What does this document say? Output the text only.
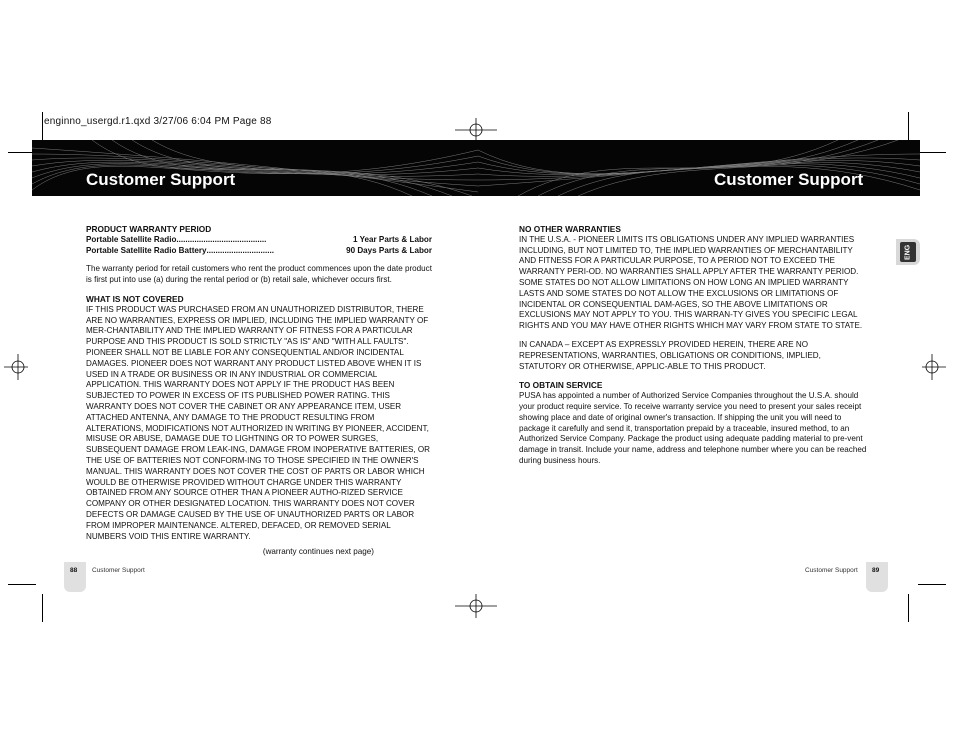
enginno_usergd.r1.qxd 3/27/06 6:04 PM Page 88
Customer Support	Customer Support
ENG

PRODUCT WARRANTY PERIOD

Portable Satellite Radio ........................................	1 Year Parts & Labor
Portable Satellite Radio Battery ..............................	90 Days Parts & Labor

The warranty period for retail customers who rent the product commences upon the date product is first put into use (a) during the rental period or (b) retail sale, whichever occurs first.

WHAT IS NOT COVERED

IF THIS PRODUCT WAS PURCHASED FROM AN UNAUTHORIZED DISTRIBUTOR, THERE ARE NO WARRANTIES, EXPRESS OR IMPLIED, INCLUDING THE IMPLIED WARRANTY OF MER-CHANTABILITY AND THE IMPLIED WARRANTY OF FITNESS FOR A PARTICULAR PURPOSE AND THIS PRODUCT IS SOLD STRICTLY "AS IS" AND "WITH ALL FAULTS". PIONEER SHALL NOT BE LIABLE FOR ANY CONSEQUENTIAL AND/OR INCIDENTAL DAMAGES. PIONEER DOES NOT WARRANT ANY PRODUCT LISTED ABOVE WHEN IT IS USED IN A TRADE OR BUSINESS OR IN ANY INDUSTRIAL OR COMMERCIAL APPLICATION. THIS WARRANTY DOES NOT APPLY IF THE PRODUCT HAS BEEN SUBJECTED TO POWER IN EXCESS OF ITS PUBLISHED POWER RATING. THIS WARRANTY DOES NOT COVER THE CABINET OR ANY APPEARANCE ITEM, USER ATTACHED ANTENNA, ANY DAMAGE TO THE PRODUCT RESULTING FROM ALTERATIONS, MODIFICATIONS NOT AUTHORIZED IN WRITING BY PIONEER, ACCIDENT, MISUSE OR ABUSE, DAMAGE DUE TO LIGHTNING OR TO POWER SURGES, SUBSEQUENT DAMAGE FROM LEAK-ING, DAMAGE FROM INOPERATIVE BATTERIES, OR THE USE OF BATTERIES NOT CONFORM-ING TO THOSE SPECIFIED IN THE OWNER'S MANUAL. THIS WARRANTY DOES NOT COVER THE COST OF PARTS OR LABOR WHICH WOULD BE OTHERWISE PROVIDED WITHOUT CHARGE UNDER THIS WARRANTY OBTAINED FROM ANY SOURCE OTHER THAN A PIONEER AUTHO-RIZED SERVICE COMPANY OR OTHER DESIGNATED LOCATION. THIS WARRANTY DOES NOT COVER DEFECTS OR DAMAGE CAUSED BY THE USE OF UNAUTHORIZED PARTS OR LABOR FROM IMPROPER MAINTENANCE. ALTERED, DEFACED, OR REMOVED SERIAL NUMBERS VOID THIS ENTIRE WARRANTY.

(warranty continues next page)

NO OTHER WARRANTIES

IN THE U.S.A. - PIONEER LIMITS ITS OBLIGATIONS UNDER ANY IMPLIED WARRANTIES INCLUDING, BUT NOT LIMITED TO, THE IMPLIED WARRANTIES OF MERCHANTABILITY AND FITNESS FOR A PARTICULAR PURPOSE, TO A PERIOD NOT TO EXCEED THE WARRANTY PERI-OD. NO WARRANTIES SHALL APPLY AFTER THE WARRANTY PERIOD. SOME STATES DO NOT ALLOW LIMITATIONS ON HOW LONG AN IMPLIED WARRANTY LASTS AND SOME STATES DO NOT ALLOW THE EXCLUSIONS OR LIMITATIONS OF INCIDENTAL OR CONSEQUENTIAL DAM-AGES, SO THE ABOVE LIMITATIONS OR EXCLUSIONS MAY NOT APPLY TO YOU. THIS WARRAN-TY GIVES YOU SPECIFIC LEGAL RIGHTS AND YOU MAY HAVE OTHER RIGHTS WHICH MAY VARY FROM STATE TO STATE.

IN CANADA – EXCEPT AS EXPRESSLY PROVIDED HEREIN, THERE ARE NO REPRESENTATIONS, WARRANTIES, OBLIGATIONS OR CONDITIONS, IMPLIED, STATUTORY OR OTHERWISE, APPLIC-ABLE TO THIS PRODUCT.

TO OBTAIN SERVICE

PUSA has appointed a number of Authorized Service Companies throughout the U.S.A. should your product require service. To receive warranty service you need to present your sales receipt showing place and date of original owner's transaction. If shipping the unit you will need to package it carefully and send it, transportation prepaid by a traceable, insured method, to an Authorized Service Company. Package the product using adequate padding material to pre-vent damage in transit. Include your name, address and telephone number where you can be reached during business hours.

88 Customer Support	89
Customer Support
